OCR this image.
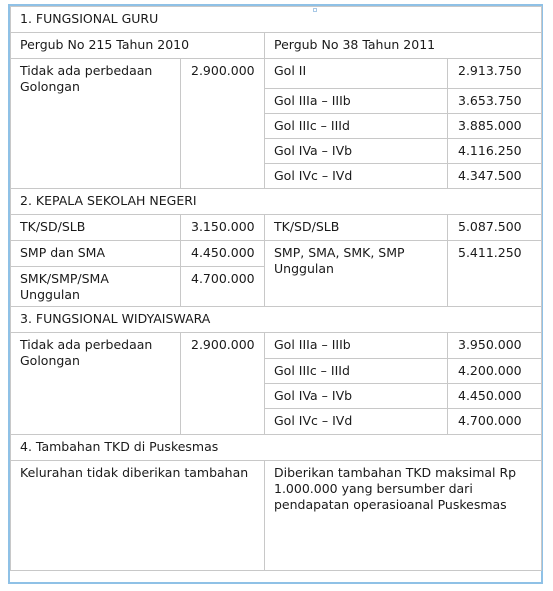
1. FUNGSIONAL GURU			
Pergub No 215 Tahun 2010		Pergub No 38 Tahun 2011	
Tidak ada perbedaan Golongan	2.900.000	Gol II	2.913.750
		Gol IIIa – IIIb	3.653.750
		Gol IIIc – IIId	3.885.000
		Gol IVa – IVb	4.116.250
		Gol IVc – IVd	4.347.500
2. KEPALA SEKOLAH NEGERI			
TK/SD/SLB	3.150.000	TK/SD/SLB	5.087.500
SMP dan SMA	4.450.000	SMP, SMA, SMK, SMP Unggulan	5.411.250
SMK/SMP/SMA Unggulan	4.700.000		
3. FUNGSIONAL WIDYAISWARA			
Tidak ada perbedaan Golongan	2.900.000	Gol IIIa – IIIb	3.950.000
		Gol IIIc – IIId	4.200.000
		Gol IVa – IVb	4.450.000
		Gol IVc – IVd	4.700.000
4. Tambahan TKD di Puskesmas			
Kelurahan tidak diberikan tambahan		Diberikan tambahan TKD maksimal Rp 1.000.000 yang bersumber dari pendapatan operasioanal Puskesmas	
